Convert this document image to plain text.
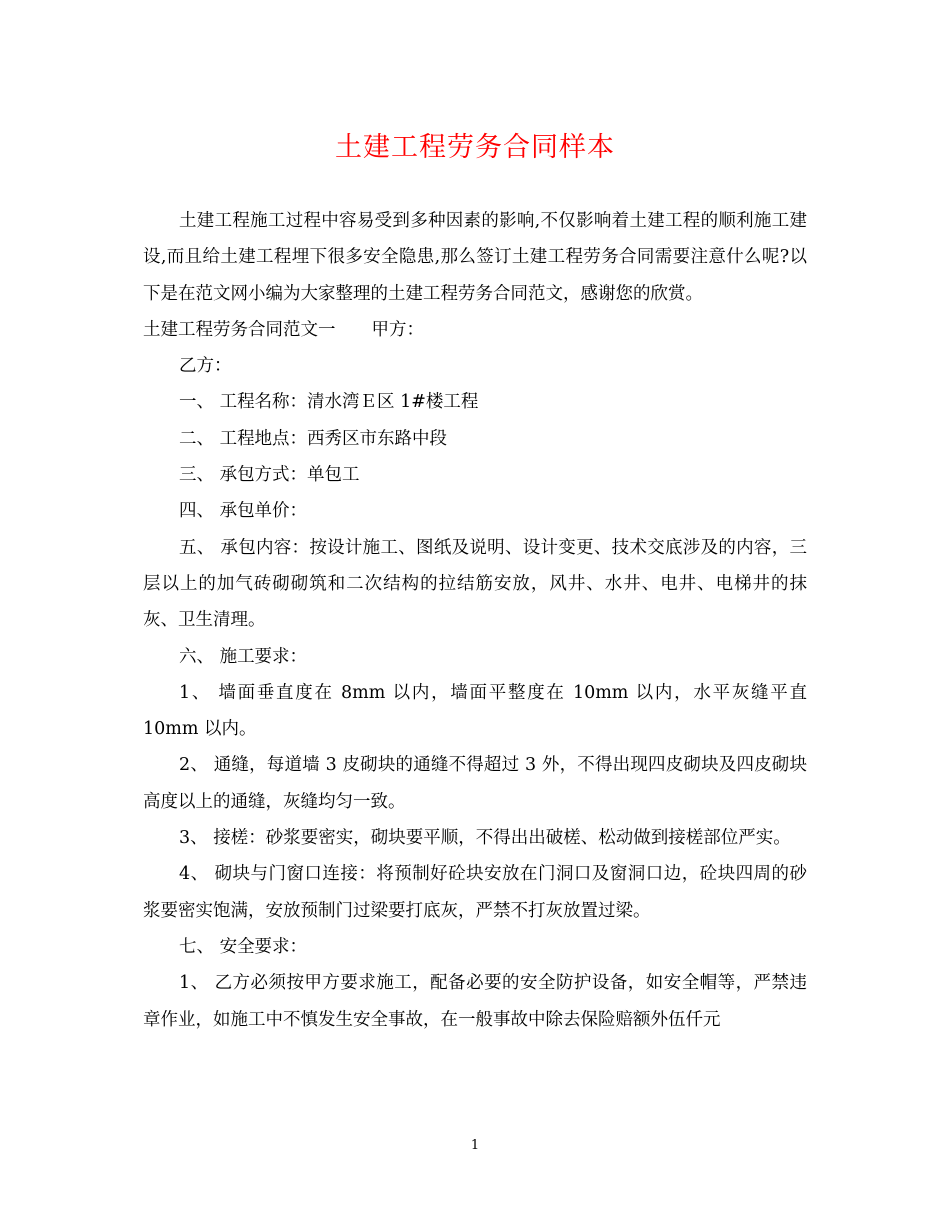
土建工程劳务合同样本

土建工程施工过程中容易受到多种因素的影响,不仅影响着土建工程的顺利施工建设,而且给土建工程埋下很多安全隐患,那么签订土建工程劳务合同需要注意什么呢?以下是在范文网小编为大家整理的土建工程劳务合同范文，感谢您的欣赏。

土建工程劳务合同范文一 甲方：

乙方：

一、 工程名称：清水湾Ｅ区 1#楼工程

二、 工程地点：西秀区市东路中段

三、 承包方式：单包工

四、 承包单价：

五、 承包内容：按设计施工、图纸及说明、设计变更、技术交底涉及的内容，三层以上的加气砖砌砌筑和二次结构的拉结筋安放，风井、水井、电井、电梯井的抹灰、卫生清理。

六、 施工要求：

1、 墙面垂直度在 8mm 以内，墙面平整度在 10mm 以内，水平灰缝平直 10mm 以内。

2、 通缝，每道墙 3 皮砌块的通缝不得超过 3 外，不得出现四皮砌块及四皮砌块高度以上的通缝，灰缝均匀一致。

3、 接槎：砂浆要密实，砌块要平顺，不得出出破槎、松动做到接槎部位严实。

4、 砌块与门窗口连接：将预制好砼块安放在门洞口及窗洞口边，砼块四周的砂浆要密实饱满，安放预制门过梁要打底灰，严禁不打灰放置过梁。

七、 安全要求：

1、 乙方必须按甲方要求施工，配备必要的安全防护设备，如安全帽等，严禁违章作业，如施工中不慎发生安全事故，在一般事故中除去保险赔额外伍仟元

1
